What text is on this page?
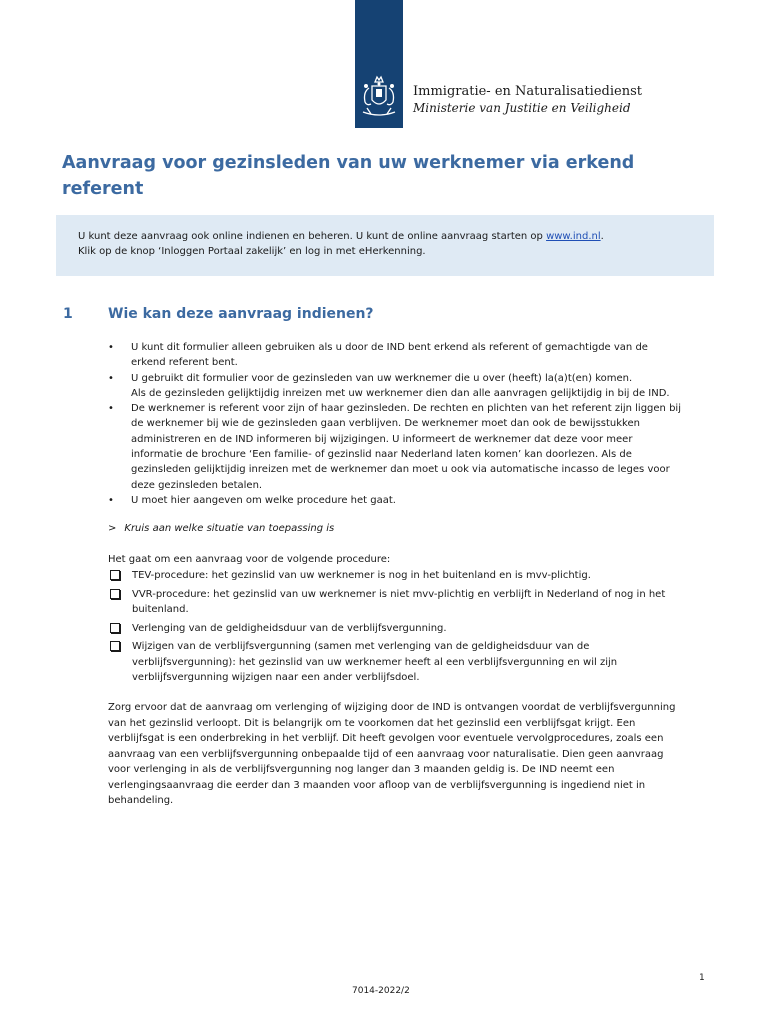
Immigratie- en Naturalisatiedienst
Ministerie van Justitie en Veiligheid
Aanvraag voor gezinsleden van uw werknemer via erkend referent
U kunt deze aanvraag ook online indienen en beheren. U kunt de online aanvraag starten op www.ind.nl.
Klik op de knop ‘Inloggen Portaal zakelijk’ en log in met eHerkenning.
1	Wie kan deze aanvraag indienen?
• U kunt dit formulier alleen gebruiken als u door de IND bent erkend als referent of gemachtigde van de
erkend referent bent.
• U gebruikt dit formulier voor de gezinsleden van uw werknemer die u over (heeft) la(a)t(en) komen.
Als de gezinsleden gelijktijdig inreizen met uw werknemer dien dan alle aanvragen gelijktijdig in bij de IND.
• De werknemer is referent voor zijn of haar gezinsleden. De rechten en plichten van het referent zijn liggen bij
de werknemer bij wie de gezinsleden gaan verblijven. De werknemer moet dan ook de bewijsstukken
administreren en de IND informeren bij wijzigingen. U informeert de werknemer dat deze voor meer
informatie de brochure ‘Een familie- of gezinslid naar Nederland laten komen’ kan doorlezen. Als de
gezinsleden gelijktijdig inreizen met de werknemer dan moet u ook via automatische incasso de leges voor
deze gezinsleden betalen.
• U moet hier aangeven om welke procedure het gaat.
> Kruis aan welke situatie van toepassing is
Het gaat om een aanvraag voor de volgende procedure:
TEV-procedure: het gezinslid van uw werknemer is nog in het buitenland en is mvv-plichtig.
VVR-procedure: het gezinslid van uw werknemer is niet mvv-plichtig en verblijft in Nederland of nog in het
buitenland.
Verlenging van de geldigheidsduur van de verblijfsvergunning.
Wijzigen van de verblijfsvergunning (samen met verlenging van de geldigheidsduur van de
verblijfsvergunning): het gezinslid van uw werknemer heeft al een verblijfsvergunning en wil zijn
verblijfsvergunning wijzigen naar een ander verblijfsdoel.
Zorg ervoor dat de aanvraag om verlenging of wijziging door de IND is ontvangen voordat de verblijfsvergunning
van het gezinslid verloopt. Dit is belangrijk om te voorkomen dat het gezinslid een verblijfsgat krijgt. Een
verblijfsgat is een onderbreking in het verblijf. Dit heeft gevolgen voor eventuele vervolgprocedures, zoals een
aanvraag van een verblijfsvergunning onbepaalde tijd of een aanvraag voor naturalisatie. Dien geen aanvraag
voor verlenging in als de verblijfsvergunning nog langer dan 3 maanden geldig is. De IND neemt een
verlengingsaanvraag die eerder dan 3 maanden voor afloop van de verblijfsvergunning is ingediend niet in
behandeling.
1
7014-2022/2
